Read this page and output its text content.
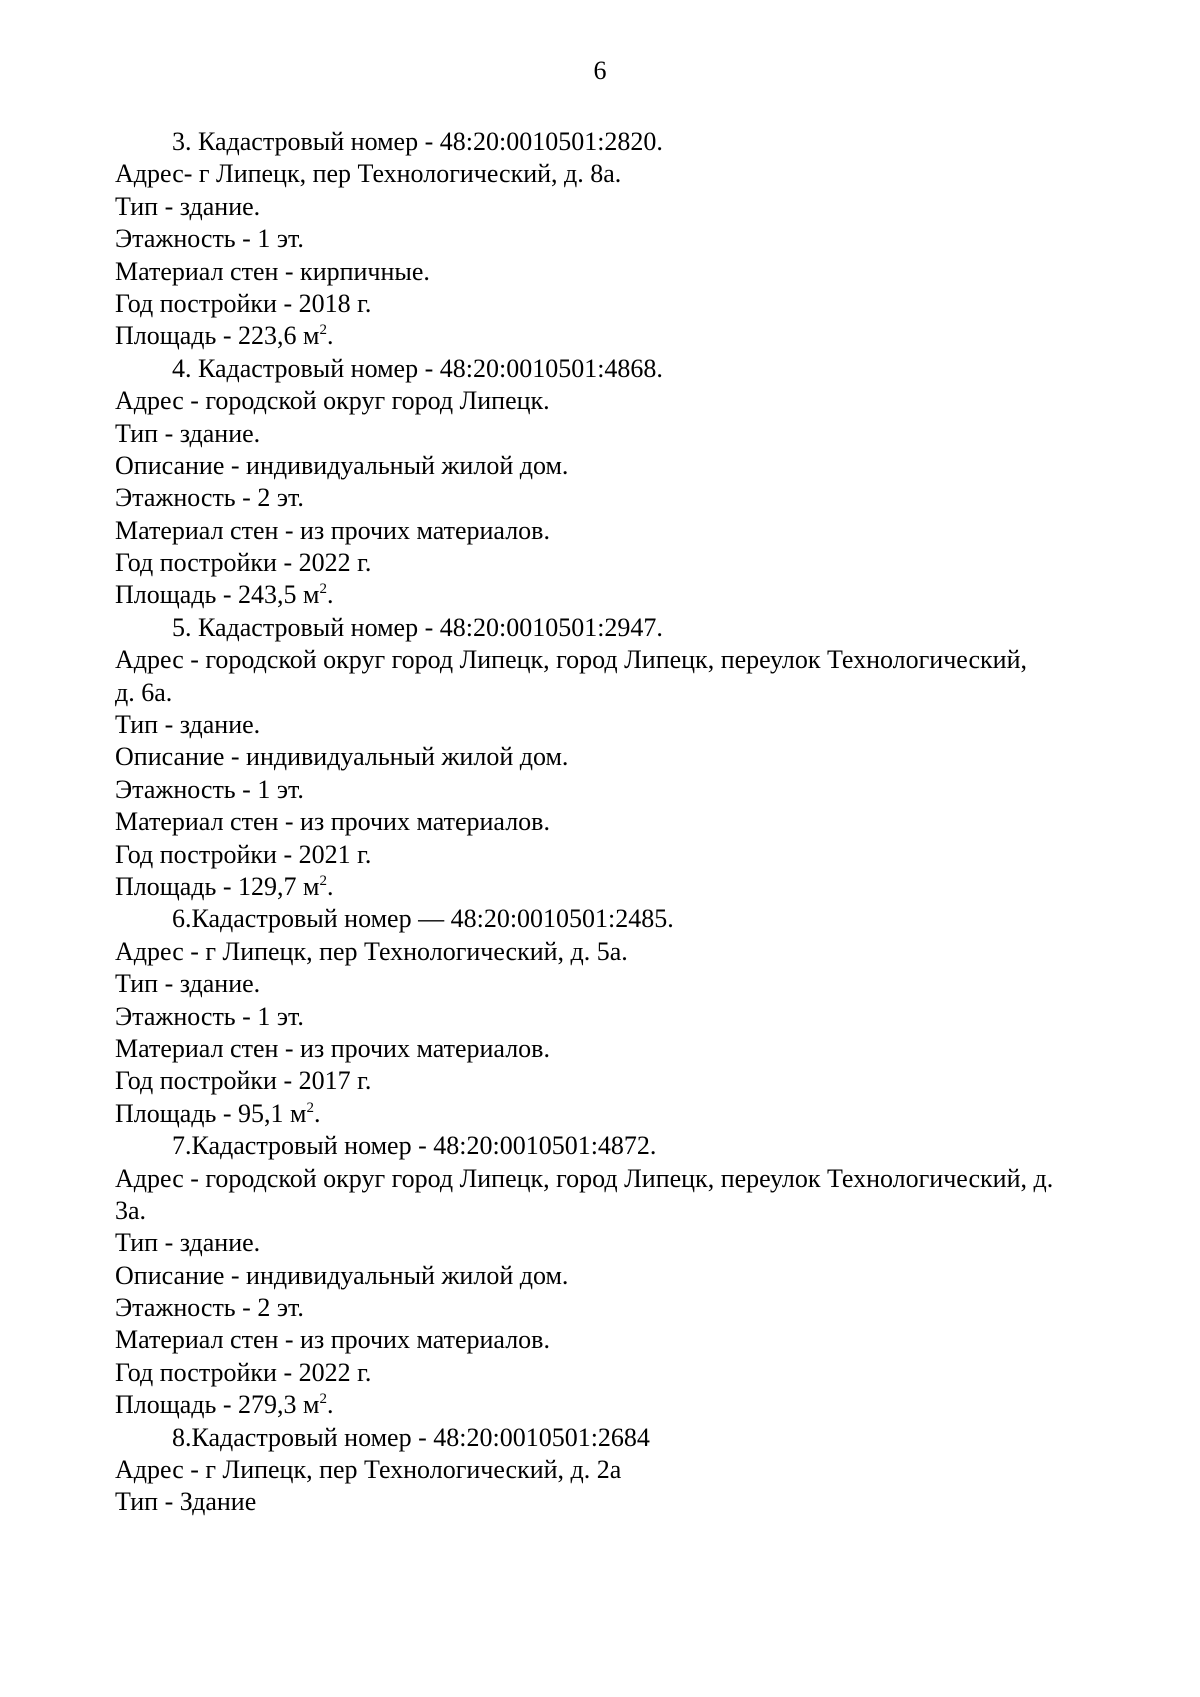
6
3. Кадастровый номер - 48:20:0010501:2820.
Адрес- г Липецк, пер Технологический, д. 8а.
Тип - здание.
Этажность - 1 эт.
Материал стен - кирпичные.
Год постройки - 2018 г.
Площадь - 223,6 $м^2$.
4. Кадастровый номер - 48:20:0010501:4868.
Адрес - городской округ город Липецк.
Тип - здание.
Описание - индивидуальный жилой дом.
Этажность - 2 эт.
Материал стен - из прочих материалов.
Год постройки - 2022 г.
Площадь - 243,5 $м^2$.
5. Кадастровый номер - 48:20:0010501:2947.
Адрес - городской округ город Липецк, город Липецк, переулок Технологический,
д. 6а.
Тип - здание.
Описание - индивидуальный жилой дом.
Этажность - 1 эт.
Материал стен - из прочих материалов.
Год постройки - 2021 г.
Площадь - 129,7 $м^2$.
6.Кадастровый номер — 48:20:0010501:2485.
Адрес - г Липецк, пер Технологический, д. 5а.
Тип - здание.
Этажность - 1 эт.
Материал стен - из прочих материалов.
Год постройки - 2017 г.
Площадь - 95,1 $м^2$.
7.Кадастровый номер - 48:20:0010501:4872.
Адрес - городской округ город Липецк, город Липецк, переулок Технологический, д.
3а.
Тип - здание.
Описание - индивидуальный жилой дом.
Этажность - 2 эт.
Материал стен - из прочих материалов.
Год постройки - 2022 г.
Площадь - 279,3 $м^2$.
8.Кадастровый номер - 48:20:0010501:2684
Адрес - г Липецк, пер Технологический, д. 2а
Тип - Здание
